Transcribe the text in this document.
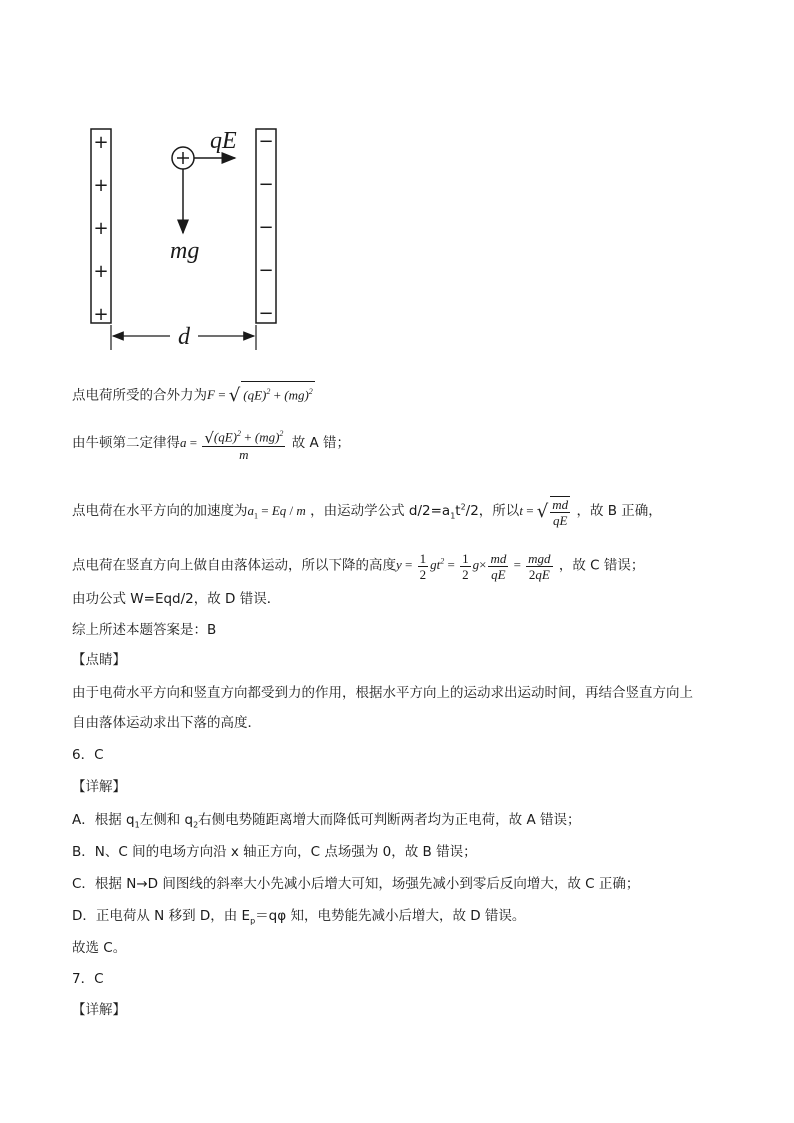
+
+
+
+
+
−
−
−
−
−
qE
mg
d
点电荷所受的合外力为F = √ (qE)$^2$ + (mg)$^2$
由牛顿第二定律得$a = \frac{√(qE)^2 + (mg)^2}{m}$ 故 A 错；
点电荷在水平方向的加速度为$a_1 = Eq / m$ ，由运动学公式 $d/2=a_1t^2/2$，所以t = √ $\frac{md}{qE}$ ，故 B 正确，
点电荷在竖直方向上做自由落体运动，所以下降的高度$y = \frac{1}{2} gt^2 = \frac{1}{2} g\times \frac{md}{qE} = \frac{\text{mgd}}{2qE}$ ，故 C 错误；
由功公式 W=Eqd/2，故 D 错误．
综上所述本题答案是：B
【点睛】
由于电荷水平方向和竖直方向都受到力的作用，根据水平方向上的运动求出运动时间，再结合竖直方向上
自由落体运动求出下落的高度．
6．C
【详解】
A．根据 $q_1$左侧和 $q_2$右侧电势随距离增大而降低可判断两者均为正电荷，故 A 错误；
B．N、C 间的电场方向沿 x 轴正方向，C 点场强为 0，故 B 错误；
C．根据 N→D 间图线的斜率大小先减小后增大可知，场强先减小到零后反向增大，故 C 正确；
D．正电荷从 N 移到 D，由 $E_p=q\varphi$ 知，电势能先减小后增大，故 D 错误。
故选 C。
7．C
【详解】
